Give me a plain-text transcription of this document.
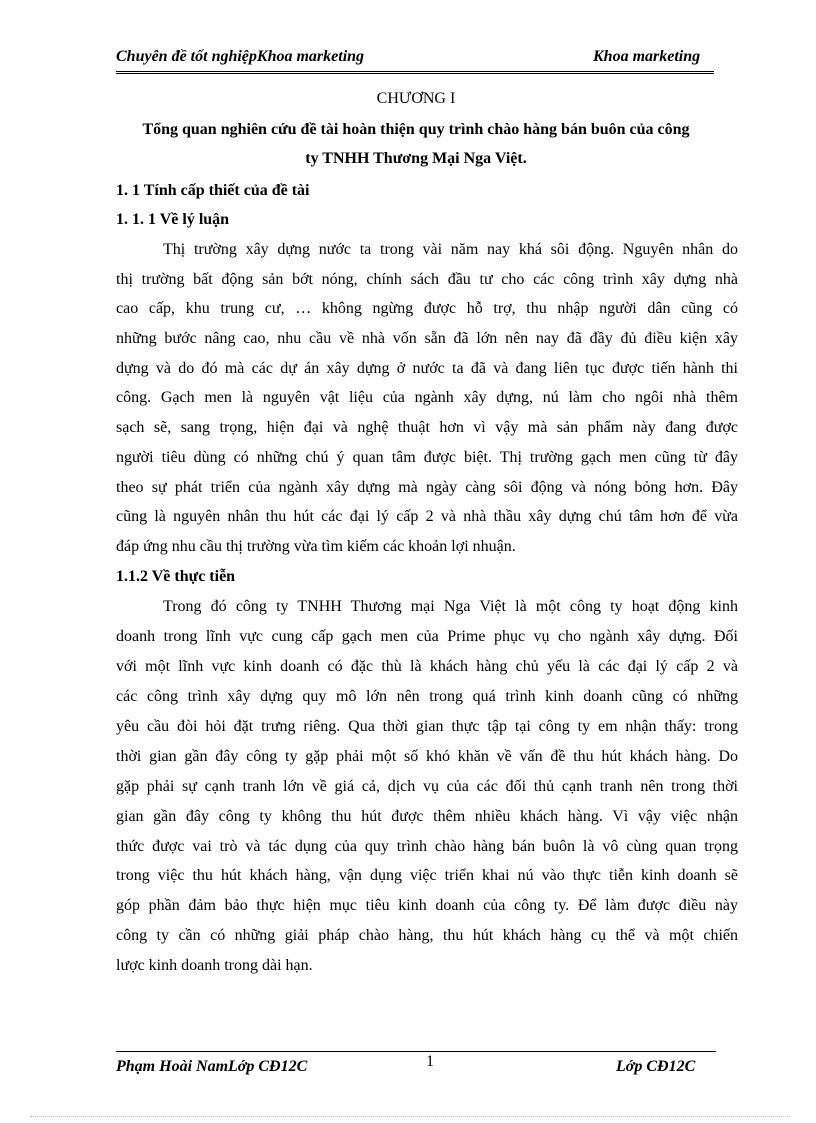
Chuyên đề tốt nghiệpKhoa marketing	Khoa marketing
CHƯƠNG I
Tổng quan nghiên cứu đề tài hoàn thiện quy trình chào hàng bán buôn của công
ty TNHH Thương Mại Nga Việt.
1. 1 Tính cấp thiết của đề tài
1. 1. 1 Về lý luận
Thị trường xây dựng nước ta trong vài năm nay khá sôi động. Nguyên nhân do
thị trường bất động sản bớt nóng, chính sách đầu tư cho các công trình xây dựng nhà
cao cấp, khu trung cư, … không ngừng được hỗ trợ, thu nhập người dân cũng có
những bước nâng cao, nhu cầu về nhà vốn sẵn đã lớn nên nay đã đầy đủ điều kiện xây
dựng và do đó mà các dự án xây dựng ở nước ta đã và đang liên tục được tiến hành thi
công. Gạch men là nguyên vật liệu của ngành xây dựng, nú làm cho ngôi nhà thêm
sạch sẽ, sang trọng, hiện đại và nghệ thuật hơn vì vậy mà sản phẩm này đang được
người tiêu dùng có những chú ý quan tâm được biệt. Thị trường gạch men cũng từ đây
theo sự phát triển của ngành xây dựng mà ngày càng sôi động và nóng bỏng hơn. Đây
cũng là nguyên nhân thu hút các đại lý cấp 2 và nhà thầu xây dựng chú tâm hơn để vừa
đáp ứng nhu cầu thị trường vừa tìm kiếm các khoản lợi nhuận.
1.1.2 Về thực tiễn
Trong đó công ty TNHH Thương mại Nga Việt là một công ty hoạt động kinh
doanh trong lĩnh vực cung cấp gạch men của Prime phục vụ cho ngành xây dựng. Đối
với một lĩnh vực kinh doanh có đặc thù là khách hàng chủ yếu là các đại lý cấp 2 và
các công trình xây dựng quy mô lớn nên trong quá trình kinh doanh cũng có những
yêu cầu đòi hỏi đặt trưng riêng. Qua thời gian thực tập tại công ty em nhận thấy: trong
thời gian gần đây công ty gặp phải một số khó khăn về vấn đề thu hút khách hàng. Do
gặp phải sự cạnh tranh lớn về giá cả, dịch vụ của các đối thủ cạnh tranh nên trong thời
gian gần đây công ty không thu hút được thêm nhiều khách hàng. Vì vậy việc nhận
thức được vai trò và tác dụng của quy trình chào hàng bán buôn là vô cùng quan trọng
trong việc thu hút khách hàng, vận dụng việc triển khai nú vào thực tiễn kinh doanh sẽ
góp phần đảm bảo thực hiện mục tiêu kinh doanh của công ty. Để làm được điều này
công ty cần có những giải pháp chào hàng, thu hút khách hàng cụ thể và một chiến
lược kinh doanh trong dài hạn.
Phạm Hoài NamLớp CĐ12C	1	Lớp CĐ12C
